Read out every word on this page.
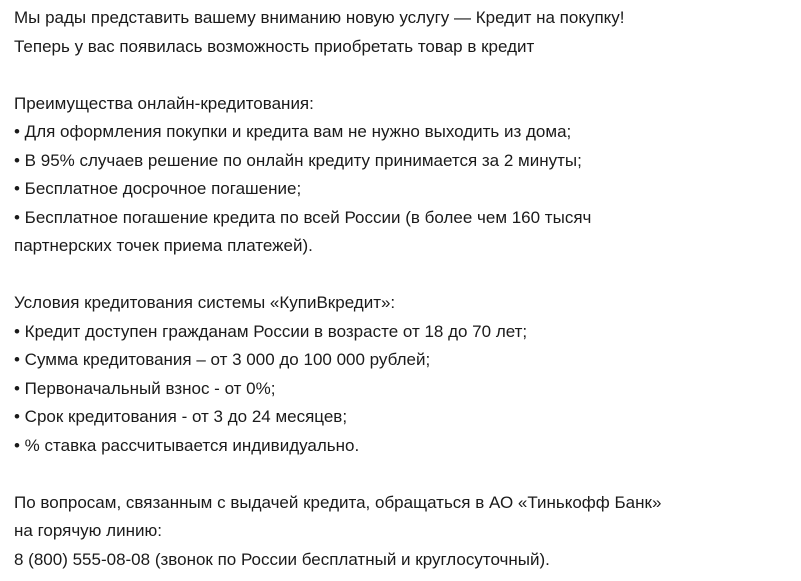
Мы рады представить вашему вниманию новую услугу — Кредит на покупку!
Теперь у вас появилась возможность приобретать товар в кредит
Преимущества онлайн-кредитования:
• Для оформления покупки и кредита вам не нужно выходить из дома;
• В 95% случаев решение по онлайн кредиту принимается за 2 минуты;
• Бесплатное досрочное погашение;
• Бесплатное погашение кредита по всей России (в более чем 160 тысяч
партнерских точек приема платежей).
Условия кредитования системы «КупиВкредит»:
• Кредит доступен гражданам России в возрасте от 18 до 70 лет;
• Сумма кредитования – от 3 000 до 100 000 рублей;
• Первоначальный взнос - от 0%;
• Срок кредитования - от 3 до 24 месяцев;
• % ставка рассчитывается индивидуально.
По вопросам, связанным с выдачей кредита, обращаться в АО «Тинькофф Банк»
на горячую линию:
8 (800) 555-08-08 (звонок по России бесплатный и круглосуточный).
